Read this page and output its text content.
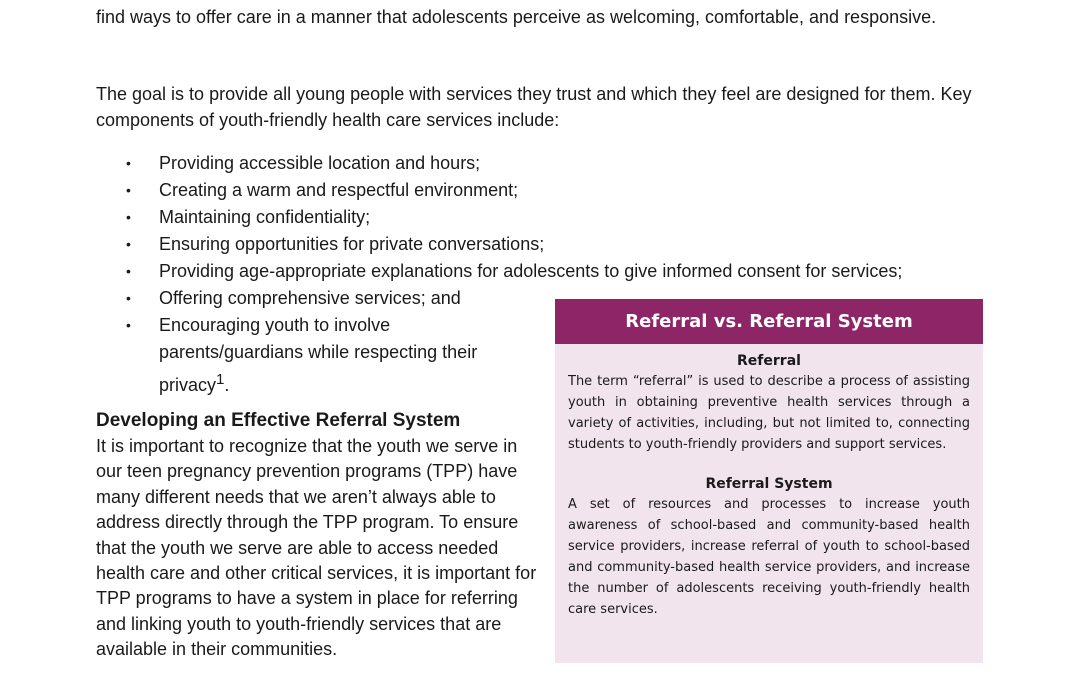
find ways to offer care in a manner that adolescents perceive as welcoming, comfortable, and responsive.

The goal is to provide all young people with services they trust and which they feel are designed for them. Key components of youth-friendly health care services include:

• Providing accessible location and hours;
• Creating a warm and respectful environment;
• Maintaining confidentiality;
• Ensuring opportunities for private conversations;
• Providing age-appropriate explanations for adolescents to give informed consent for services;
• Offering comprehensive services; and
• Encouraging youth to involve parents/guardians while respecting their privacy$^1$.
Developing an Effective Referral System

It is important to recognize that the youth we serve in our teen pregnancy prevention programs (TPP) have many different needs that we aren’t always able to address directly through the TPP program. To ensure that the youth we serve are able to access needed health care and other critical services, it is important for TPP programs to have a system in place for referring and linking youth to youth-friendly services that are available in their communities.

Referral vs. Referral System

Referral

The term “referral” is used to describe a process of assisting youth in obtaining preventive health services through a variety of activities, including, but not limited to, connecting students to youth-friendly providers and support services.

Referral System

A set of resources and processes to increase youth awareness of school-based and community-based health service providers, increase referral of youth to school-based and community-based health service providers, and increase the number of adolescents receiving youth-friendly health care services.
